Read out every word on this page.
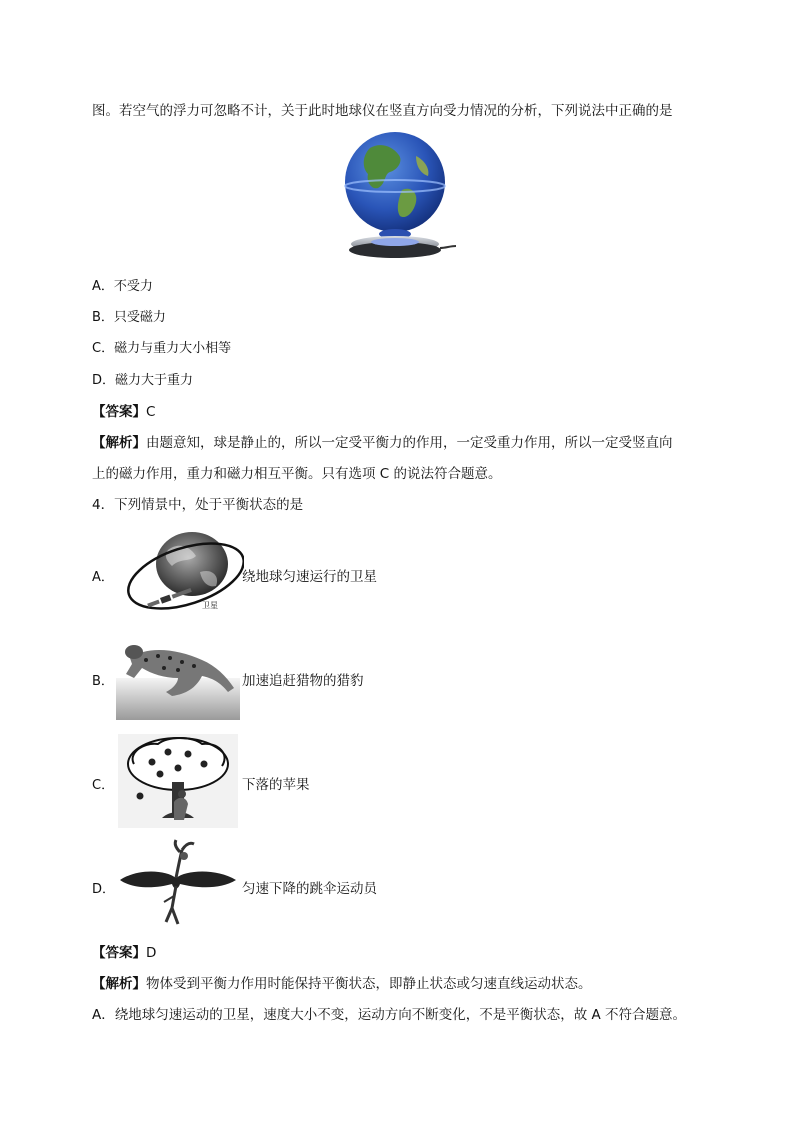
图。若空气的浮力可忽略不计，关于此时地球仪在竖直方向受力情况的分析，下列说法中正确的是
A．不受力
B．只受磁力
C．磁力与重力大小相等
D．磁力大于重力
【答案】C
【解析】由题意知，球是静止的，所以一定受平衡力的作用，一定受重力作用，所以一定受竖直向
上的磁力作用，重力和磁力相互平衡。只有选项 C 的说法符合题意。
4．下列情景中，处于平衡状态的是
A．
卫星
绕地球匀速运行的卫星
B．	加速追赶猎物的猎豹
C．	下落的苹果
D．	匀速下降的跳伞运动员
【答案】D
【解析】物体受到平衡力作用时能保持平衡状态，即静止状态或匀速直线运动状态。
A．绕地球匀速运动的卫星，速度大小不变，运动方向不断变化，不是平衡状态，故 A 不符合题意。
